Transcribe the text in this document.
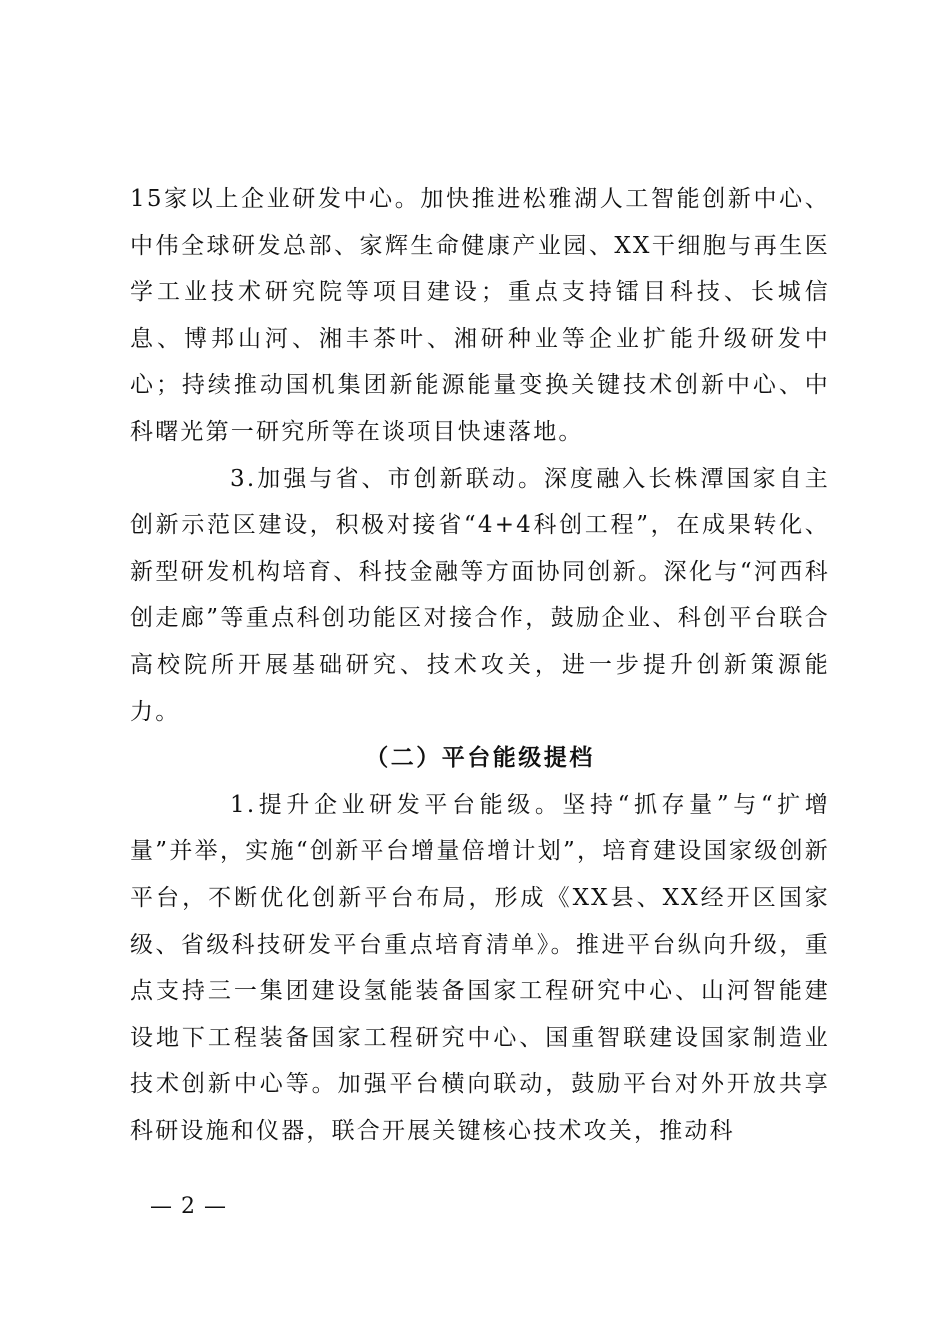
15家以上企业研发中心。加快推进松雅湖人工智能创新中心、中伟全球研发总部、家辉生命健康产业园、XX干细胞与再生医学工业技术研究院等项目建设；重点支持镭目科技、长城信息、博邦山河、湘丰茶叶、湘研种业等企业扩能升级研发中心；持续推动国机集团新能源能量变换关键技术创新中心、中科曙光第一研究所等在谈项目快速落地。

3.加强与省、市创新联动。深度融入长株潭国家自主创新示范区建设，积极对接省“4+4科创工程”，在成果转化、新型研发机构培育、科技金融等方面协同创新。深化与“河西科创走廊”等重点科创功能区对接合作，鼓励企业、科创平台联合高校院所开展基础研究、技术攻关，进一步提升创新策源能力。

（二）平台能级提档

1.提升企业研发平台能级。坚持“抓存量”与“扩增量”并举，实施“创新平台增量倍增计划”，培育建设国家级创新平台，不断优化创新平台布局，形成《XX县、XX经开区国家级、省级科技研发平台重点培育清单》。推进平台纵向升级，重点支持三一集团建设氢能装备国家工程研究中心、山河智能建设地下工程装备国家工程研究中心、国重智联建设国家制造业技术创新中心等。加强平台横向联动，鼓励平台对外开放共享科研设施和仪器，联合开展关键核心技术攻关，推动科

— 2 —
